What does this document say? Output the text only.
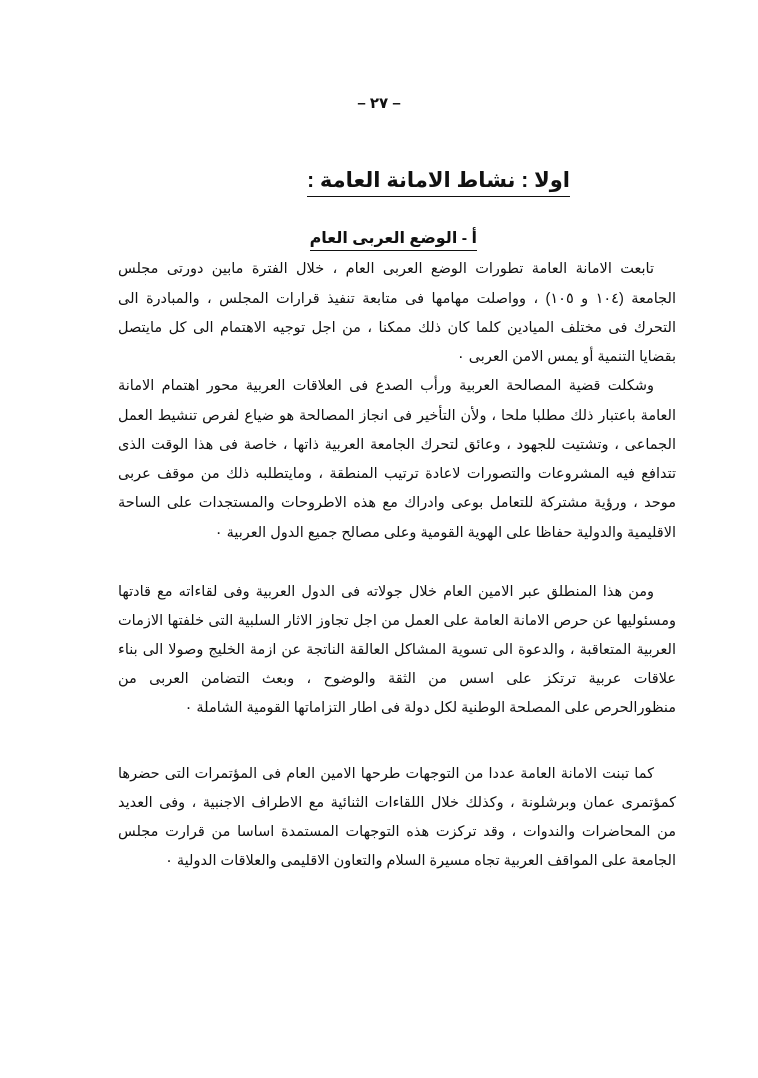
– ٢٧ –
اولا : نشاط الامانة العامة :
أ - الوضع العربى العام
تابعت الامانة العامة تطورات الوضع العربى العام ، خلال الفترة مابين دورتى مجلس
الجامعة (١٠٤ و ١٠٥) ، وواصلت مهامها فى متابعة تنفيذ قرارات المجلس ، والمبادرة الى
التحرك فى مختلف الميادين كلما كان ذلك ممكنا ، من اجل توجيه الاهتمام الى كل مايتصل
بقضايا التنمية أو يمس الامن العربى ٠
وشكلت قضية المصالحة العربية ورأب الصدع فى العلاقات العربية محور اهتمام الامانة
العامة باعتبار ذلك مطلبا ملحا ، ولأن التأخير فى انجاز المصالحة هو ضياع لفرص تنشيط العمل
الجماعى ، وتشتيت للجهود ، وعائق لتحرك الجامعة العربية ذاتها ، خاصة فى هذا الوقت الذى
تتدافع فيه المشروعات والتصورات لاعادة ترتيب المنطقة ، ومايتطلبه ذلك من موقف عربى
موحد ، ورؤية مشتركة للتعامل بوعى وادراك مع هذه الاطروحات والمستجدات على الساحة
الاقليمية والدولية حفاظا على الهوية القومية وعلى مصالح جميع الدول العربية ٠
ومن هذا المنطلق عبر الامين العام خلال جولاته فى الدول العربية وفى لقاءاته مع قادتها
ومسئوليها عن حرص الامانة العامة على العمل من اجل تجاوز الاثار السلبية التى خلفتها الازمات
العربية المتعاقبة ، والدعوة الى تسوية المشاكل العالقة الناتجة عن ازمة الخليج وصولا الى بناء
علاقات عربية ترتكز على اسس من الثقة والوضوح ، وبعث التضامن العربى من
منظورالحرص على المصلحة الوطنية لكل دولة فى اطار التزاماتها القومية الشاملة ٠
كما تبنت الامانة العامة عددا من التوجهات طرحها الامين العام فى المؤتمرات التى حضرها
كمؤتمرى عمان وبرشلونة ، وكذلك خلال اللقاءات الثنائية مع الاطراف الاجنبية ، وفى العديد
من المحاضرات والندوات ، وقد تركزت هذه التوجهات المستمدة اساسا من قرارت مجلس
الجامعة على المواقف العربية تجاه مسيرة السلام والتعاون الاقليمى والعلاقات الدولية ٠
